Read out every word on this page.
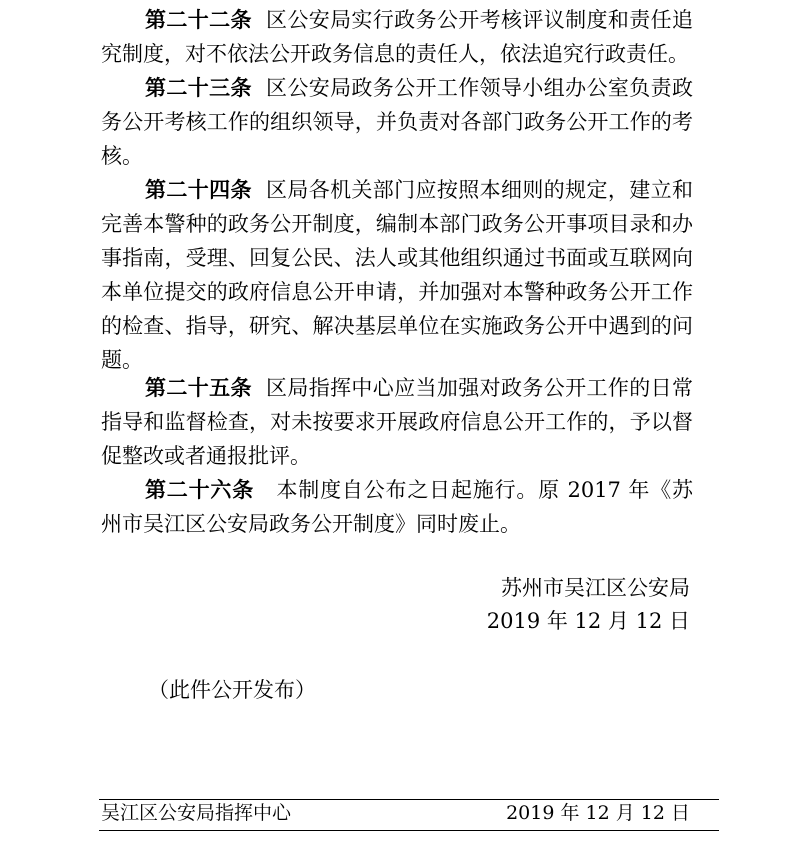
第二十二条 区公安局实行政务公开考核评议制度和责任追究制度，对不依法公开政务信息的责任人，依法追究行政责任。

第二十三条 区公安局政务公开工作领导小组办公室负责政务公开考核工作的组织领导，并负责对各部门政务公开工作的考核。

第二十四条 区局各机关部门应按照本细则的规定，建立和完善本警种的政务公开制度，编制本部门政务公开事项目录和办事指南，受理、回复公民、法人或其他组织通过书面或互联网向本单位提交的政府信息公开申请，并加强对本警种政务公开工作的检查、指导，研究、解决基层单位在实施政务公开中遇到的问题。

第二十五条 区局指挥中心应当加强对政务公开工作的日常指导和监督检查，对未按要求开展政府信息公开工作的，予以督促整改或者通报批评。

第二十六条 本制度自公布之日起施行。原 2017 年《苏州市吴江区公安局政务公开制度》同时废止。

苏州市吴江区公安局
2019 年 12 月 12 日
（此件公开发布）
吴江区公安局指挥中心	2019 年 12 月 12 日
